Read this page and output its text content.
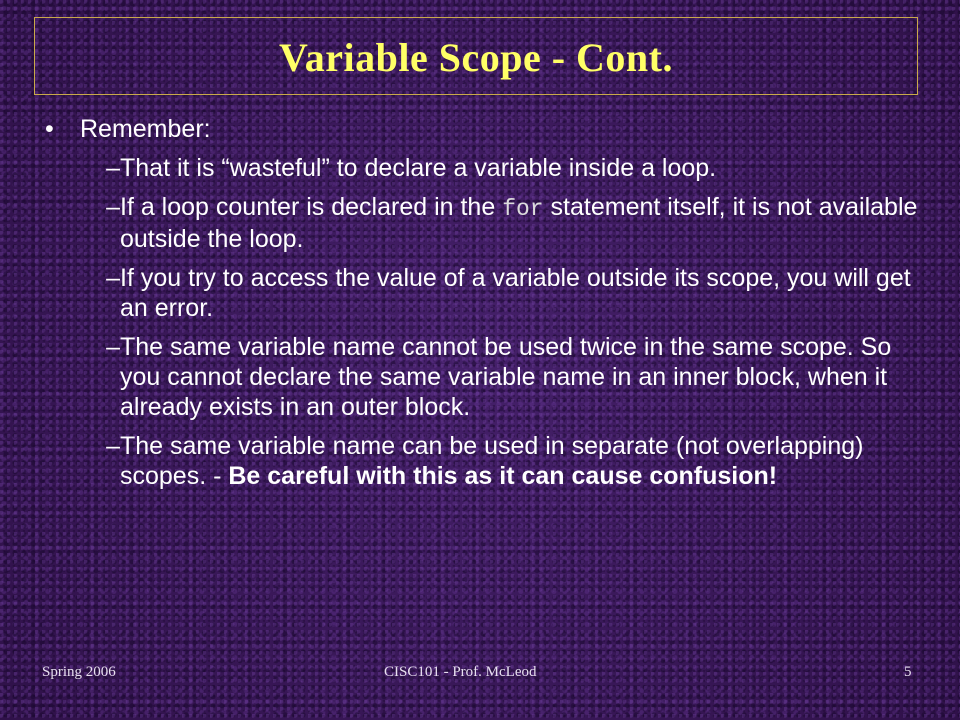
Variable Scope - Cont.
•	Remember:
– That it is “wasteful” to declare a variable inside a loop.
– If a loop counter is declared in the for statement itself, it is not available outside the loop.
– If you try to access the value of a variable outside its scope, you will get an error.
– The same variable name cannot be used twice in the same scope. So you cannot declare the same variable name in an inner block, when it already exists in an outer block.
– The same variable name can be used in separate (not overlapping) scopes. - Be careful with this as it can cause confusion!
Spring 2006	CISC101 - Prof. McLeod	5
